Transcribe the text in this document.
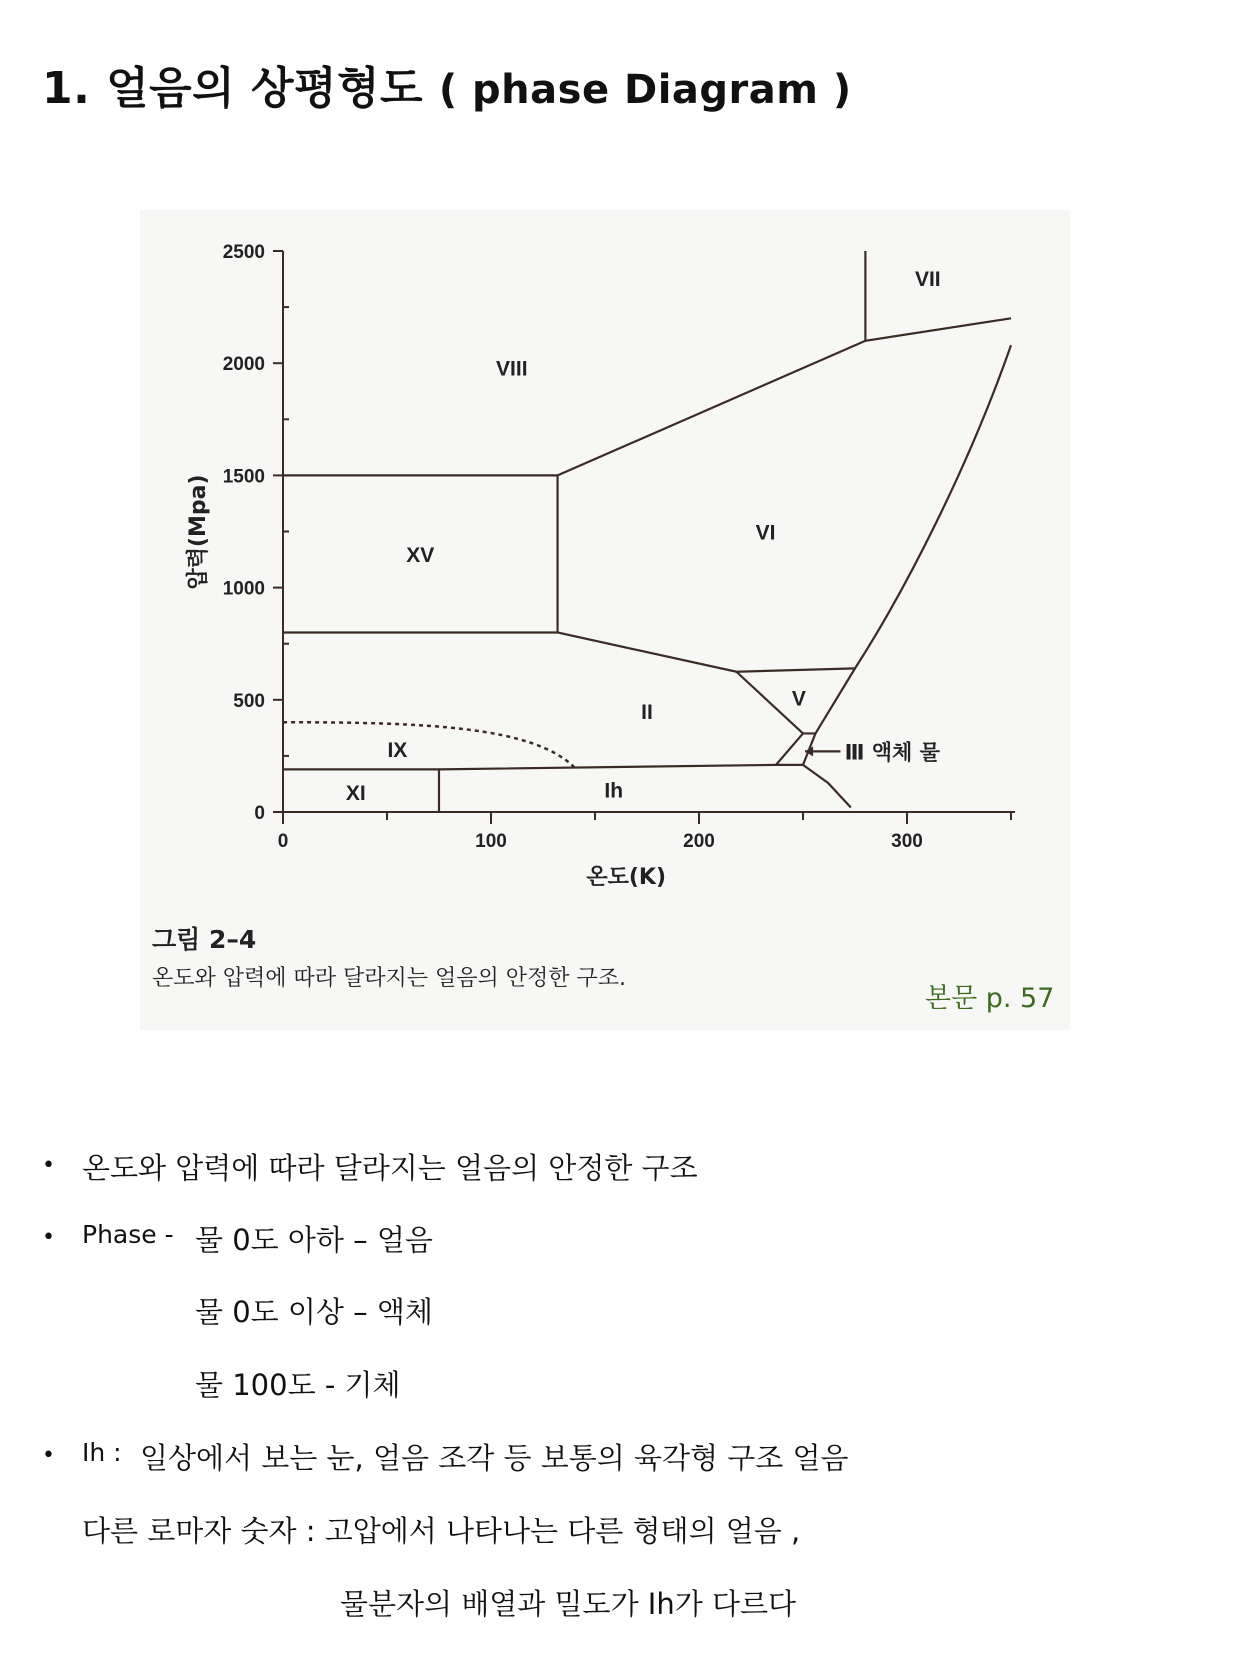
1. 얼음의 상평형도 ( phase Diagram )
0
500
1000
1500
2000
2500
0	100	200	300
온도(K)
압력(Mpa)
VII
VIII
VI
XV
V
II
IX
XI	Ih
Ⅲ 액체 물
그림 2–4
온도와 압력에 따라 달라지는 얼음의 안정한 구조.
본문 p. 57
• 온도와 압력에 따라 달라지는 얼음의 안정한 구조
• Phase - 물 0도 아하 – 얼음
물 0도 이상 – 액체
물 100도 - 기체
• Ih : 일상에서 보는 눈, 얼음 조각 등 보통의 육각형 구조 얼음
다른 로마자 숫자 : 고압에서 나타나는 다른 형태의 얼음 ,
물분자의 배열과 밀도가 Ih가 다르다
